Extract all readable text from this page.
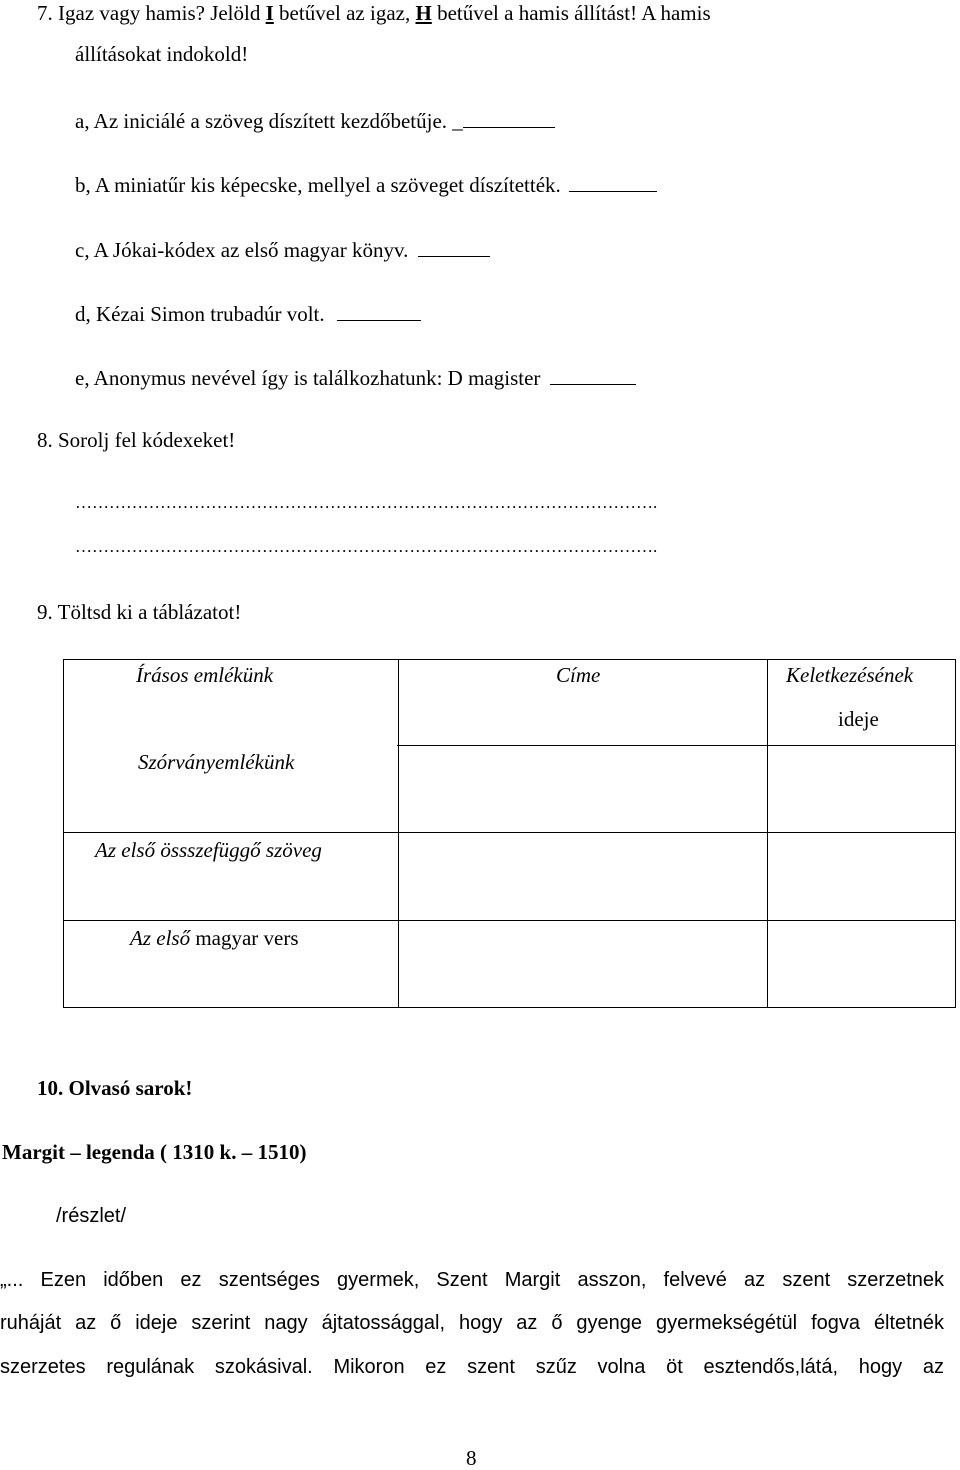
7. Igaz vagy hamis? Jelöld I betűvel az igaz, H betűvel a hamis állítást! A hamis
állításokat indokold!
a, Az iniciálé a szöveg díszített kezdőbetűje. _
b, A miniatűr kis képecske, mellyel a szöveget díszítették.
c, A Jókai-kódex az első magyar könyv.
d, Kézai Simon trubadúr volt.
e, Anonymus nevével így is találkozhatunk: D magister
8. Sorolj fel kódexeket!
………………………………………………………………………………………….
………………………………………………………………………………………….
9. Töltsd ki a táblázatot!

Írásos emlékünk	Címe	Keletkezésének
ideje
Szórványemlékünk
Az első össszefüggő szöveg
Az első magyar vers
10. Olvasó sarok!
Margit – legenda ( 1310 k. – 1510)
/részlet/
„... Ezen időben ez szentséges gyermek, Szent Margit asszon, felvevé az szent szerzetnek
ruháját az ő ideje szerint nagy ájtatossággal, hogy az ő gyenge gyermekségétül fogva éltetnék
szerzetes regulának szokásival. Mikoron ez szent szűz volna öt esztendős,látá, hogy az
8
